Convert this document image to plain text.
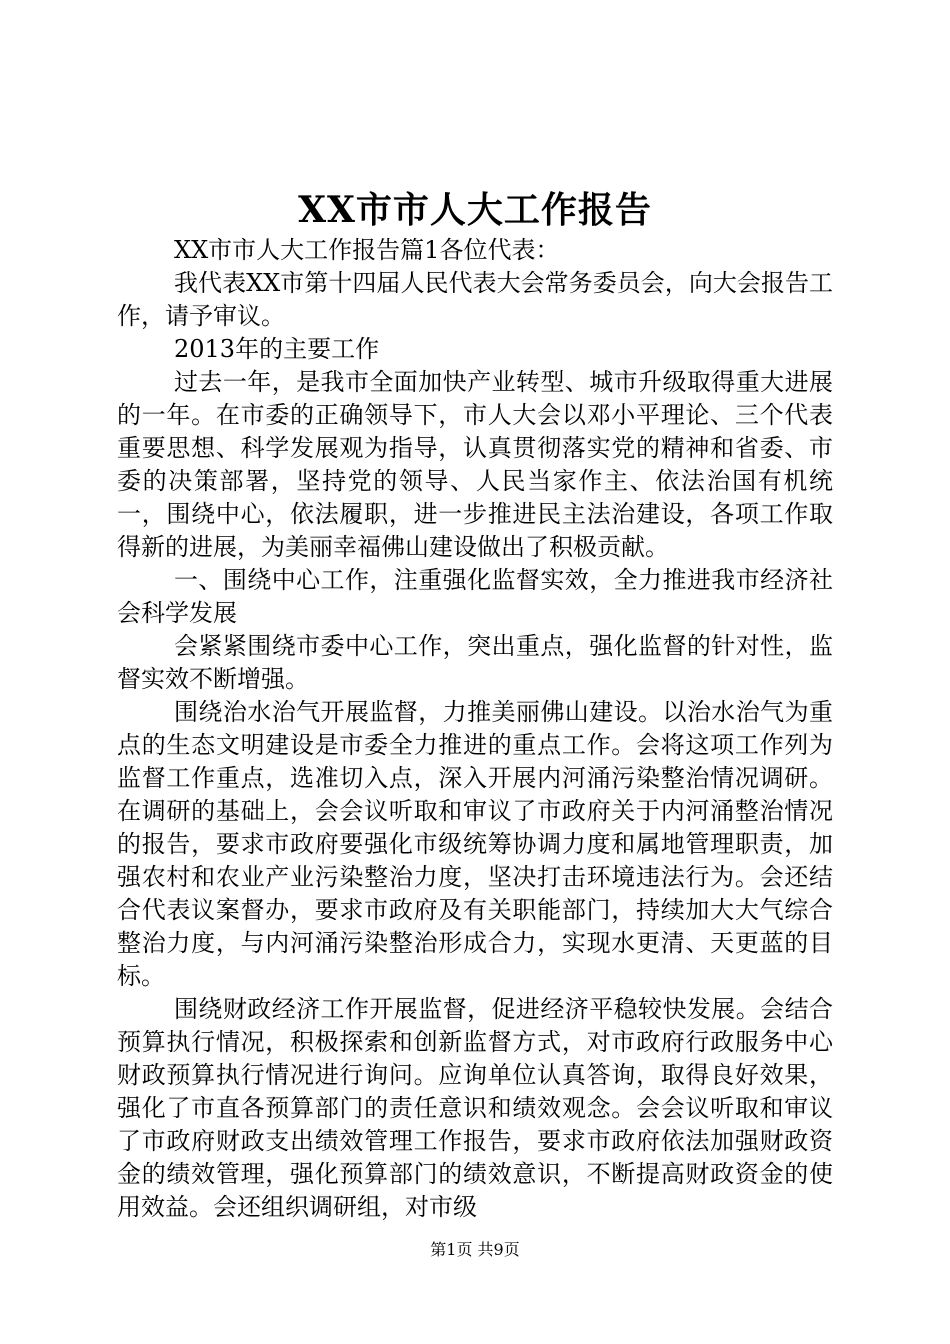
XX市市人大工作报告

XX市市人大工作报告篇1各位代表：

我代表XX市第十四届人民代表大会常务委员会，向大会报告工作，请予审议。

2013年的主要工作

过去一年，是我市全面加快产业转型、城市升级取得重大进展的一年。在市委的正确领导下，市人大会以邓小平理论、三个代表重要思想、科学发展观为指导，认真贯彻落实党的精神和省委、市委的决策部署，坚持党的领导、人民当家作主、依法治国有机统一，围绕中心，依法履职，进一步推进民主法治建设，各项工作取得新的进展，为美丽幸福佛山建设做出了积极贡献。

一、围绕中心工作，注重强化监督实效，全力推进我市经济社会科学发展

会紧紧围绕市委中心工作，突出重点，强化监督的针对性，监督实效不断增强。

围绕治水治气开展监督，力推美丽佛山建设。以治水治气为重点的生态文明建设是市委全力推进的重点工作。会将这项工作列为监督工作重点，选准切入点，深入开展内河涌污染整治情况调研。在调研的基础上，会会议听取和审议了市政府关于内河涌整治情况的报告，要求市政府要强化市级统筹协调力度和属地管理职责，加强农村和农业产业污染整治力度，坚决打击环境违法行为。会还结合代表议案督办，要求市政府及有关职能部门，持续加大大气综合整治力度，与内河涌污染整治形成合力，实现水更清、天更蓝的目标。

围绕财政经济工作开展监督，促进经济平稳较快发展。会结合预算执行情况，积极探索和创新监督方式，对市政府行政服务中心财政预算执行情况进行询问。应询单位认真答询，取得良好效果，强化了市直各预算部门的责任意识和绩效观念。会会议听取和审议了市政府财政支出绩效管理工作报告，要求市政府依法加强财政资金的绩效管理，强化预算部门的绩效意识，不断提高财政资金的使用效益。会还组织调研组，对市级

第1页 共9页
